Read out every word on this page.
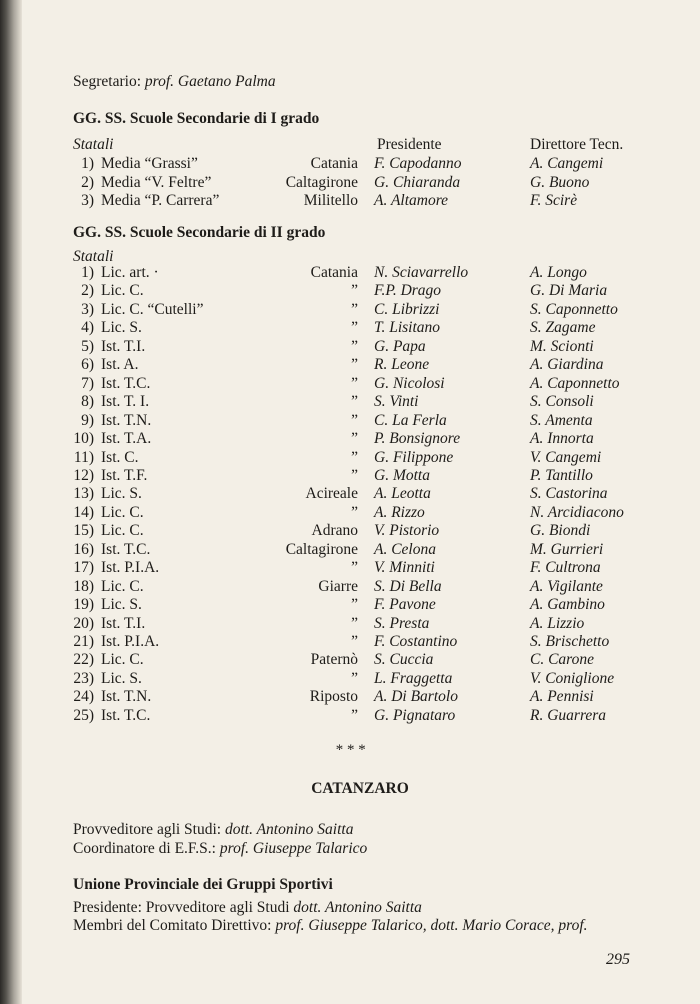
Segretario: prof. Gaetano Palma
GG. SS. Scuole Secondarie di I grado
Statali	Presidente	Direttore Tecn.
1) Media “Grassi”	Catania F. Capodanno	A. Cangemi
2) Media “V. Feltre”	Caltagirone G. Chiaranda	G. Buono
3) Media “P. Carrera”	Militello A. Altamore	F. Scirè
GG. SS. Scuole Secondarie di II grado
Statali
1) Lic. art. ·	Catania N. Sciavarrello	A. Longo
2) Lic. C.	” F.P. Drago	G. Di Maria
3) Lic. C. “Cutelli”	” C. Librizzi	S. Caponnetto
4) Lic. S.	” T. Lisitano	S. Zagame
5) Ist. T.I.	” G. Papa	M. Scionti
6) Ist. A.	” R. Leone	A. Giardina
7) Ist. T.C.	” G. Nicolosi	A. Caponnetto
8) Ist. T. I.	” S. Vinti	S. Consoli
9) Ist. T.N.	” C. La Ferla	S. Amenta
10) Ist. T.A.	” P. Bonsignore	A. Innorta
11) Ist. C.	” G. Filippone	V. Cangemi
12) Ist. T.F.	” G. Motta	P. Tantillo
13) Lic. S.	Acireale A. Leotta	S. Castorina
14) Lic. C.	” A. Rizzo	N. Arcidiacono
15) Lic. C.	Adrano V. Pistorio	G. Biondi
16) Ist. T.C.	Caltagirone A. Celona	M. Gurrieri
17) Ist. P.I.A.	” V. Minniti	F. Cultrona
18) Lic. C.	Giarre S. Di Bella	A. Vigilante
19) Lic. S.	” F. Pavone	A. Gambino
20) Ist. T.I.	” S. Presta	A. Lizzio
21) Ist. P.I.A.	” F. Costantino	S. Brischetto
22) Lic. C.	Paternò S. Cuccia	C. Carone
23) Lic. S.	” L. Fraggetta	V. Coniglione
24) Ist. T.N.	Riposto A. Di Bartolo	A. Pennisi
25) Ist. T.C.	” G. Pignataro	R. Guarrera
* * *
CATANZARO
Provveditore agli Studi: dott. Antonino Saitta
Coordinatore di E.F.S.: prof. Giuseppe Talarico
Unione Provinciale dei Gruppi Sportivi
Presidente: Provveditore agli Studi dott. Antonino Saitta
Membri del Comitato Direttivo: prof. Giuseppe Talarico, dott. Mario Corace, prof.
295
